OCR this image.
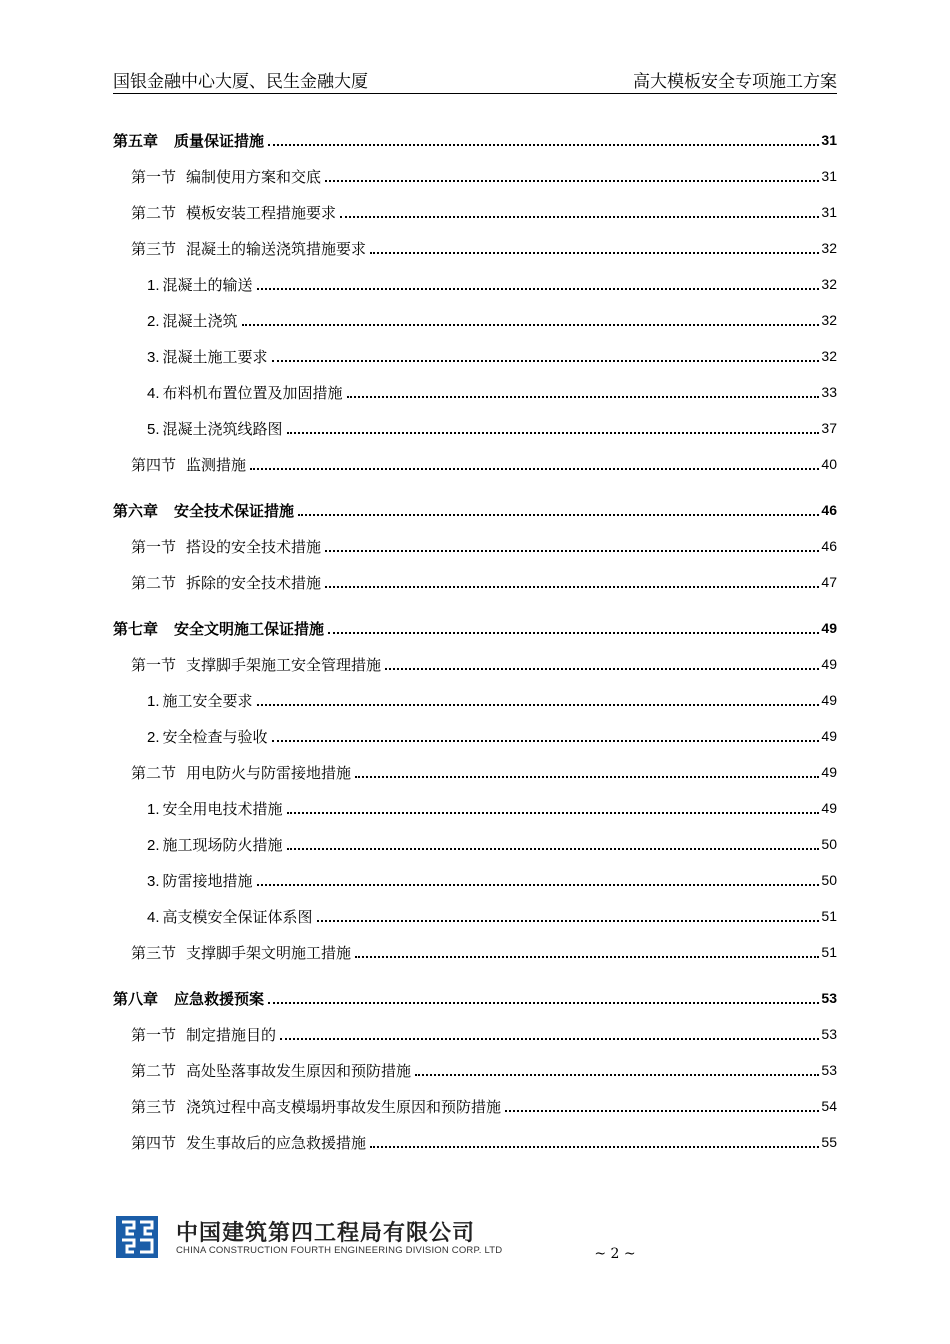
国银金融中心大厦、民生金融大厦	高大模板安全专项施工方案
第五章 质量保证措施	31
第一节 编制使用方案和交底	31
第二节 模板安装工程措施要求	31
第三节 混凝土的输送浇筑措施要求	32
1. 混凝土的输送	32
2. 混凝土浇筑	32
3. 混凝土施工要求	32
4. 布料机布置位置及加固措施	33
5. 混凝土浇筑线路图	37
第四节 监测措施	40
第六章 安全技术保证措施	46
第一节 搭设的安全技术措施	46
第二节 拆除的安全技术措施	47
第七章 安全文明施工保证措施	49
第一节 支撑脚手架施工安全管理措施	49
1. 施工安全要求	49
2. 安全检查与验收	49
第二节 用电防火与防雷接地措施	49
1. 安全用电技术措施	49
2. 施工现场防火措施	50
3. 防雷接地措施	50
4. 高支模安全保证体系图	51
第三节 支撑脚手架文明施工措施	51
第八章 应急救援预案	53
第一节 制定措施目的	53
第二节 高处坠落事故发生原因和预防措施	53
第三节 浇筑过程中高支模塌坍事故发生原因和预防措施	54
第四节 发生事故后的应急救援措施	55
中国建筑第四工程局有限公司
CHINA CONSTRUCTION FOURTH ENGINEERING DIVISION CORP. LTD	~ 2 ~
